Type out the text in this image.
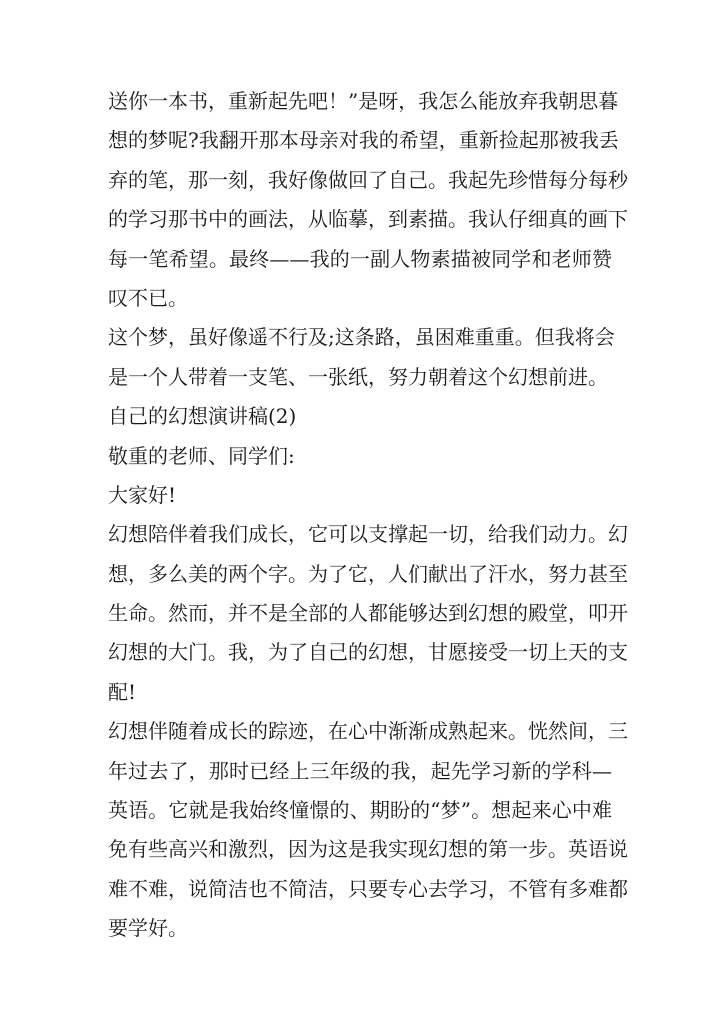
送你一本书，重新起先吧！”是呀，我怎么能放弃我朝思暮
想的梦呢?我翻开那本母亲对我的希望，重新捡起那被我丢
弃的笔，那一刻，我好像做回了自己。我起先珍惜每分每秒
的学习那书中的画法，从临摹，到素描。我认仔细真的画下
每一笔希望。最终——我的一副人物素描被同学和老师赞
叹不已。
这个梦，虽好像遥不行及;这条路，虽困难重重。但我将会
是一个人带着一支笔、一张纸，努力朝着这个幻想前进。
自己的幻想演讲稿(2)
敬重的老师、同学们:
大家好!
幻想陪伴着我们成长，它可以支撑起一切，给我们动力。幻
想，多么美的两个字。为了它，人们献出了汗水，努力甚至
生命。然而，并不是全部的人都能够达到幻想的殿堂，叩开
幻想的大门。我，为了自己的幻想，甘愿接受一切上天的支
配!
幻想伴随着成长的踪迹，在心中渐渐成熟起来。恍然间，三
年过去了，那时已经上三年级的我，起先学习新的学科—
英语。它就是我始终憧憬的、期盼的“梦”。想起来心中难
免有些高兴和激烈，因为这是我实现幻想的第一步。英语说
难不难，说简洁也不简洁，只要专心去学习，不管有多难都
要学好。
